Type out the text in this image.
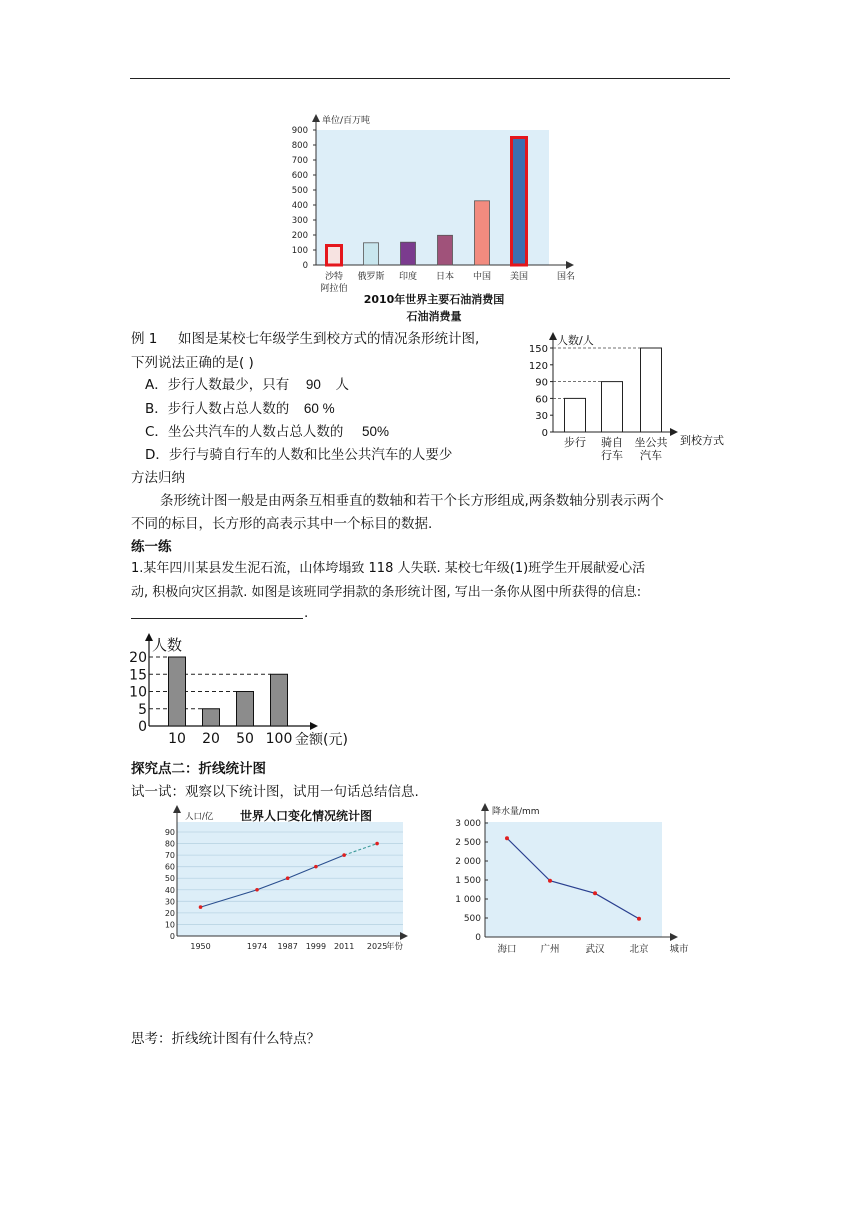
单位/百万吨
0
100
200
300
400
500
600
700
800
900
沙特
阿拉伯
俄罗斯 印度 日本 中国 美国	国名
2010年世界主要石油消费国
石油消费量
例 1 如图是某校七年级学生到校方式的情况条形统计图,
下列说法正确的是( )
A．步行人数最少，只有 90 人
B．步行人数占总人数的 60 %
C．坐公共汽车的人数占总人数的 50%
D．步行与骑自行车的人数和比坐公共汽车的人要少
人数/人
0
30
60
90
120
150
步行 骑自
行车
坐公共
汽车
到校方式
方法归纳
条形统计图一般是由两条互相垂直的数轴和若干个长方形组成,两条数轴分别表示两个
不同的标目，长方形的高表示其中一个标目的数据.
练一练
1.某年四川某县发生泥石流，山体垮塌致 118 人失联. 某校七年级(1)班学生开展献爱心活
动, 积极向灾区捐款. 如图是该班同学捐款的条形统计图, 写出一条你从图中所获得的信息:
.
人数
0
5
10
15
20
10 20 50 100 金额(元)
探究点二：折线统计图
试一试：观察以下统计图，试用一句话总结信息.
0
10
20
30
40
50
60
70
80
90
人口/亿 世界人口变化情况统计图
1950	1974 1987 1999 2011 2025
年份
降水量/mm
0
500
1 000
1 500
2 000
2 500
3 000
海口	广州	武汉	北京 城市
思考：折线统计图有什么特点？
